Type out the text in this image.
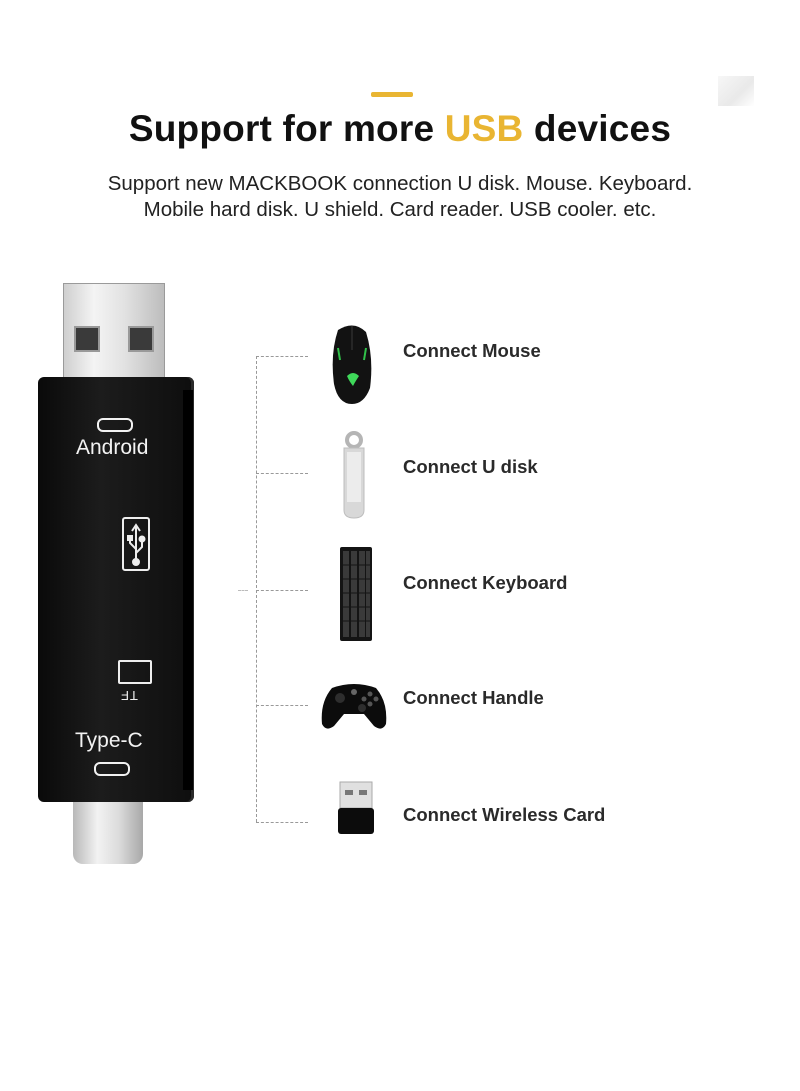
Support for more USB devices
Support new MACKBOOK connection U disk. Mouse. Keyboard.
Mobile hard disk. U shield. Card reader. USB cooler. etc.
Android
TF
Type-C
Connect Mouse
Connect U disk
Connect Keyboard
Connect Handle
Connect Wireless Card
